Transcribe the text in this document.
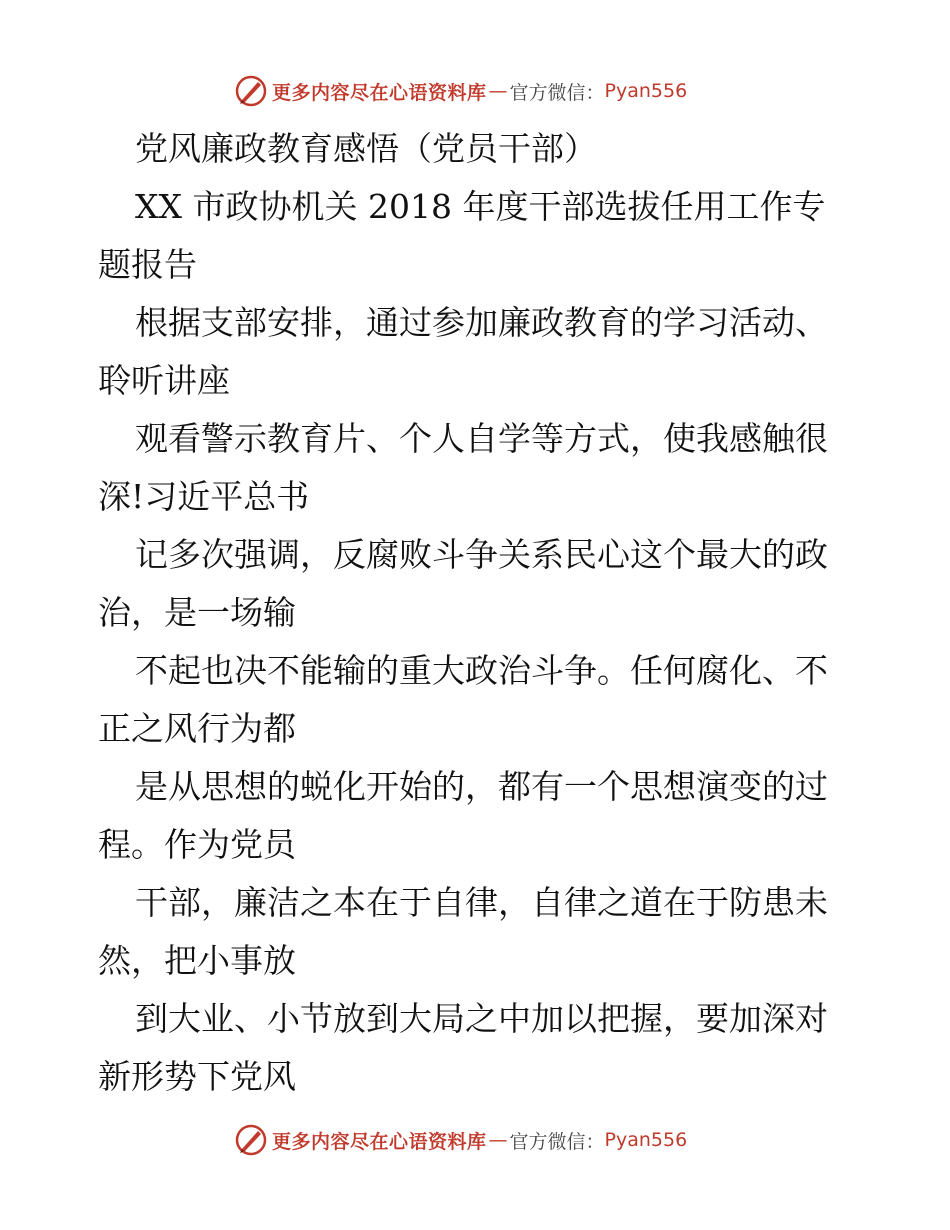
更多内容尽在心语资料库 — 官方微信： Pyan556
党风廉政教育感悟（党员干部）
XX 市政协机关 2018 年度干部选拔任用工作专
题报告
根据支部安排，通过参加廉政教育的学习活动、
聆听讲座
观看警示教育片、个人自学等方式，使我感触很
深!习近平总书
记多次强调，反腐败斗争关系民心这个最大的政
治，是一场输
不起也决不能输的重大政治斗争。任何腐化、不
正之风行为都
是从思想的蜕化开始的，都有一个思想演变的过
程。作为党员
干部，廉洁之本在于自律，自律之道在于防患未
然，把小事放
到大业、小节放到大局之中加以把握，要加深对
新形势下党风
更多内容尽在心语资料库 — 官方微信： Pyan556
